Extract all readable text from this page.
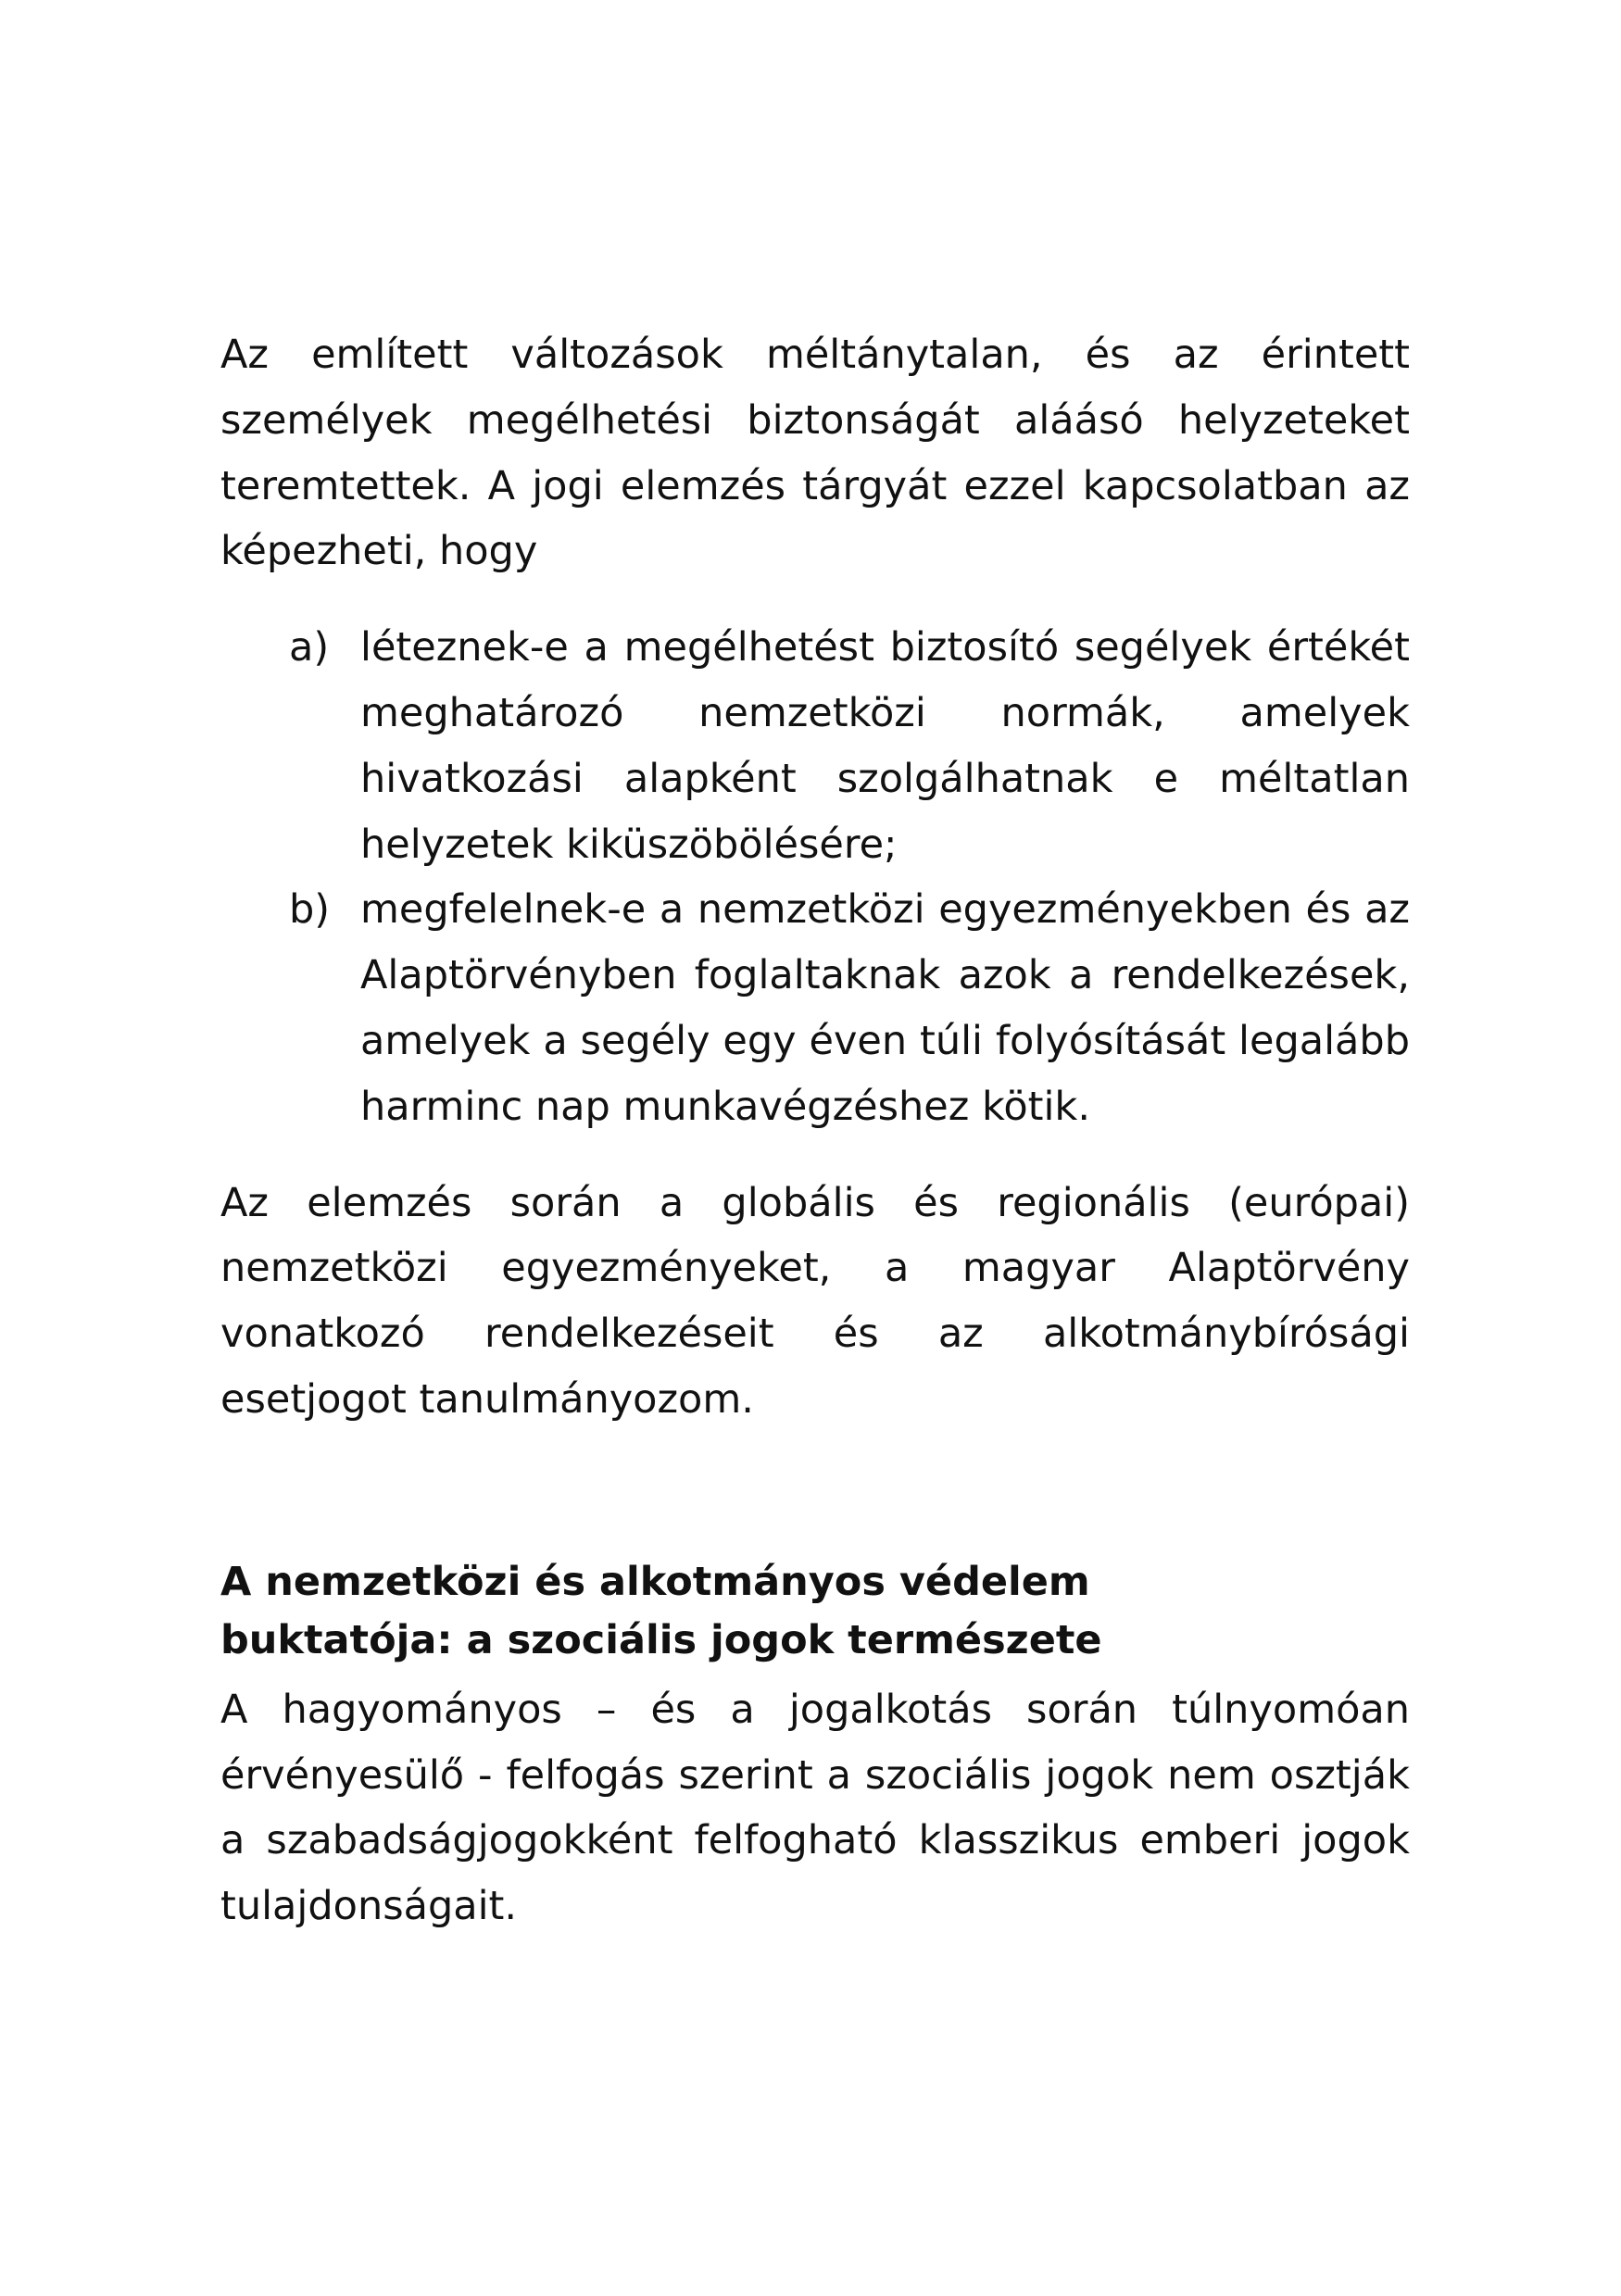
Az említett változások méltánytalan, és az érintett személyek megélhetési biztonságát aláásó helyzeteket teremtettek. A jogi elemzés tárgyát ezzel kapcsolatban az képezheti, hogy

a) léteznek-e a megélhetést biztosító segélyek értékét meghatározó nemzetközi normák, amelyek hivatkozási alapként szolgálhatnak e méltatlan helyzetek kiküszöbölésére;
b) megfelelnek-e a nemzetközi egyezményekben és az Alaptörvényben foglaltaknak azok a rendelkezések, amelyek a segély egy éven túli folyósítását legalább harminc nap munkavégzéshez kötik.

Az elemzés során a globális és regionális (európai) nemzetközi egyezményeket, a magyar Alaptörvény vonatkozó rendelkezéseit és az alkotmánybírósági esetjogot tanulmányozom.

A nemzetközi és alkotmányos védelem
buktatója: a szociális jogok természete

A hagyományos – és a jogalkotás során túlnyomóan érvényesülő - felfogás szerint a szociális jogok nem osztják a szabadságjogokként felfogható klasszikus emberi jogok tulajdonságait.
